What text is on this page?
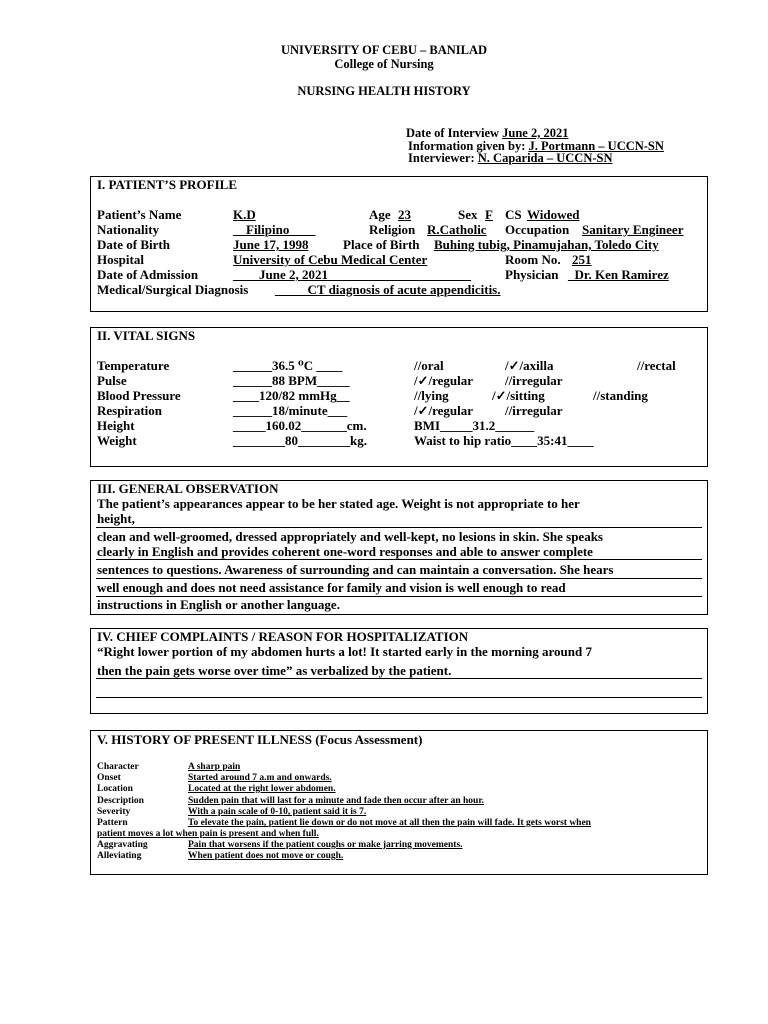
UNIVERSITY OF CEBU – BANILAD
College of Nursing
NURSING HEALTH HISTORY
Date of Interview June 2, 2021
Information given by: J. Portmann – UCCN-SN
Interviewer: N. Caparida – UCCN-SN
I. PATIENT’S PROFILE
Patient’s Name	K.D	Age 23	Sex F CS Widowed
Nationality	__Filipino____	Religion R.Catholic Occupation Sanitary Engineer
Date of Birth	June 17, 1998	Place of Birth Buhing tubig, Pinamujahan, Toledo City
Hospital	University of Cebu Medical Center	Room No. 251
Date of Admission	____June 2, 2021______________________	Physician _Dr. Ken Ramirez
Medical/Surgical Diagnosis _____CT diagnosis of acute appendicitis.
II. VITAL SIGNS
Temperature	______36.5 ⁰C ____	//oral	/✓/axilla	//rectal
Pulse	______88 BPM_____	/✓/regular //irregular
Blood Pressure	____120/82 mmHg__	//lying	/✓/sitting	//standing
Respiration	______18/minute___	/✓/regular //irregular
Height	_____160.02_______cm.	BMI_____31.2______
Weight	________80________kg.	Waist to hip ratio____35:41____
III. GENERAL OBSERVATION
The patient’s appearances appear to be her stated age. Weight is not appropriate to her
height,
clean and well-groomed, dressed appropriately and well-kept, no lesions in skin. She speaks
clearly in English and provides coherent one-word responses and able to answer complete
sentences to questions. Awareness of surrounding and can maintain a conversation. She hears
well enough and does not need assistance for family and vision is well enough to read
instructions in English or another language.
IV. CHIEF COMPLAINTS / REASON FOR HOSPITALIZATION
“Right lower portion of my abdomen hurts a lot! It started early in the morning around 7
then the pain gets worse over time” as verbalized by the patient.
V. HISTORY OF PRESENT ILLNESS (Focus Assessment)
Character	A sharp pain
Onset	Started around 7 a.m and onwards.
Location	Located at the right lower abdomen.
Description	Sudden pain that will last for a minute and fade then occur after an hour.
Severity	With a pain scale of 0-10, patient said it is 7.
Pattern	To elevate the pain, patient lie down or do not move at all then the pain will fade. It gets worst when
patient moves a lot when pain is present and when full.
Aggravating	Pain that worsens if the patient coughs or make jarring movements.
Alleviating	When patient does not move or cough.
